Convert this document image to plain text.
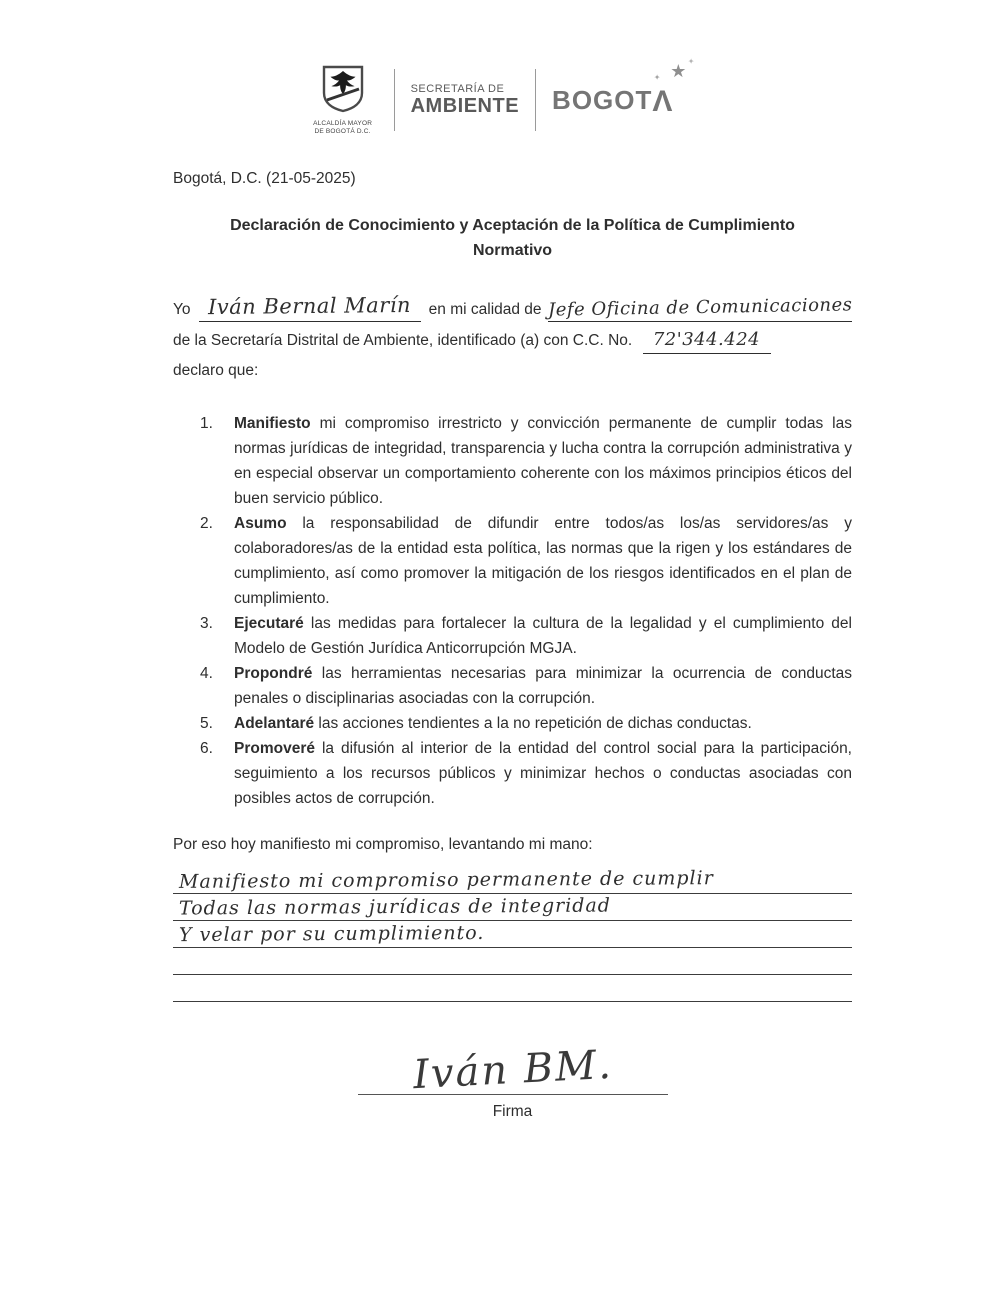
ALCALDÍA MAYOR
DE BOGOTÁ D.C.
SECRETARÍA DE
AMBIENTE
★
✦
✦
BOGOTΛ
Bogotá, D.C. (21-05-2025)
Declaración de Conocimiento y Aceptación de la Política de Cumplimiento
Normativo
Yo Iván Bernal Marín	en mi calidad de Jefe Oficina de Comunicaciones
de la Secretaría Distrital de Ambiente, identificado (a) con C.C. No. 72'344.424
declaro que:
1.	Manifiesto mi compromiso irrestricto y convicción permanente de cumplir todas las normas jurídicas de integridad, transparencia y lucha contra la corrupción administrativa y en especial observar un comportamiento coherente con los máximos principios éticos del buen servicio público.
2.	Asumo la responsabilidad de difundir entre todos/as los/as servidores/as y colaboradores/as de la entidad esta política, las normas que la rigen y los estándares de cumplimiento, así como promover la mitigación de los riesgos identificados en el plan de cumplimiento.
3.	Ejecutaré las medidas para fortalecer la cultura de la legalidad y el cumplimiento del Modelo de Gestión Jurídica Anticorrupción MGJA.
4.	Propondré las herramientas necesarias para minimizar la ocurrencia de conductas penales o disciplinarias asociadas con la corrupción.
5.	Adelantaré las acciones tendientes a la no repetición de dichas conductas.
6.	Promoveré la difusión al interior de la entidad del control social para la participación, seguimiento a los recursos públicos y minimizar hechos o conductas asociadas con posibles actos de corrupción.
Por eso hoy manifiesto mi compromiso, levantando mi mano:
Manifiesto mi compromiso permanente de cumplir
Todas las normas jurídicas de integridad
Y velar por su cumplimiento.
Iván BM.
Firma
